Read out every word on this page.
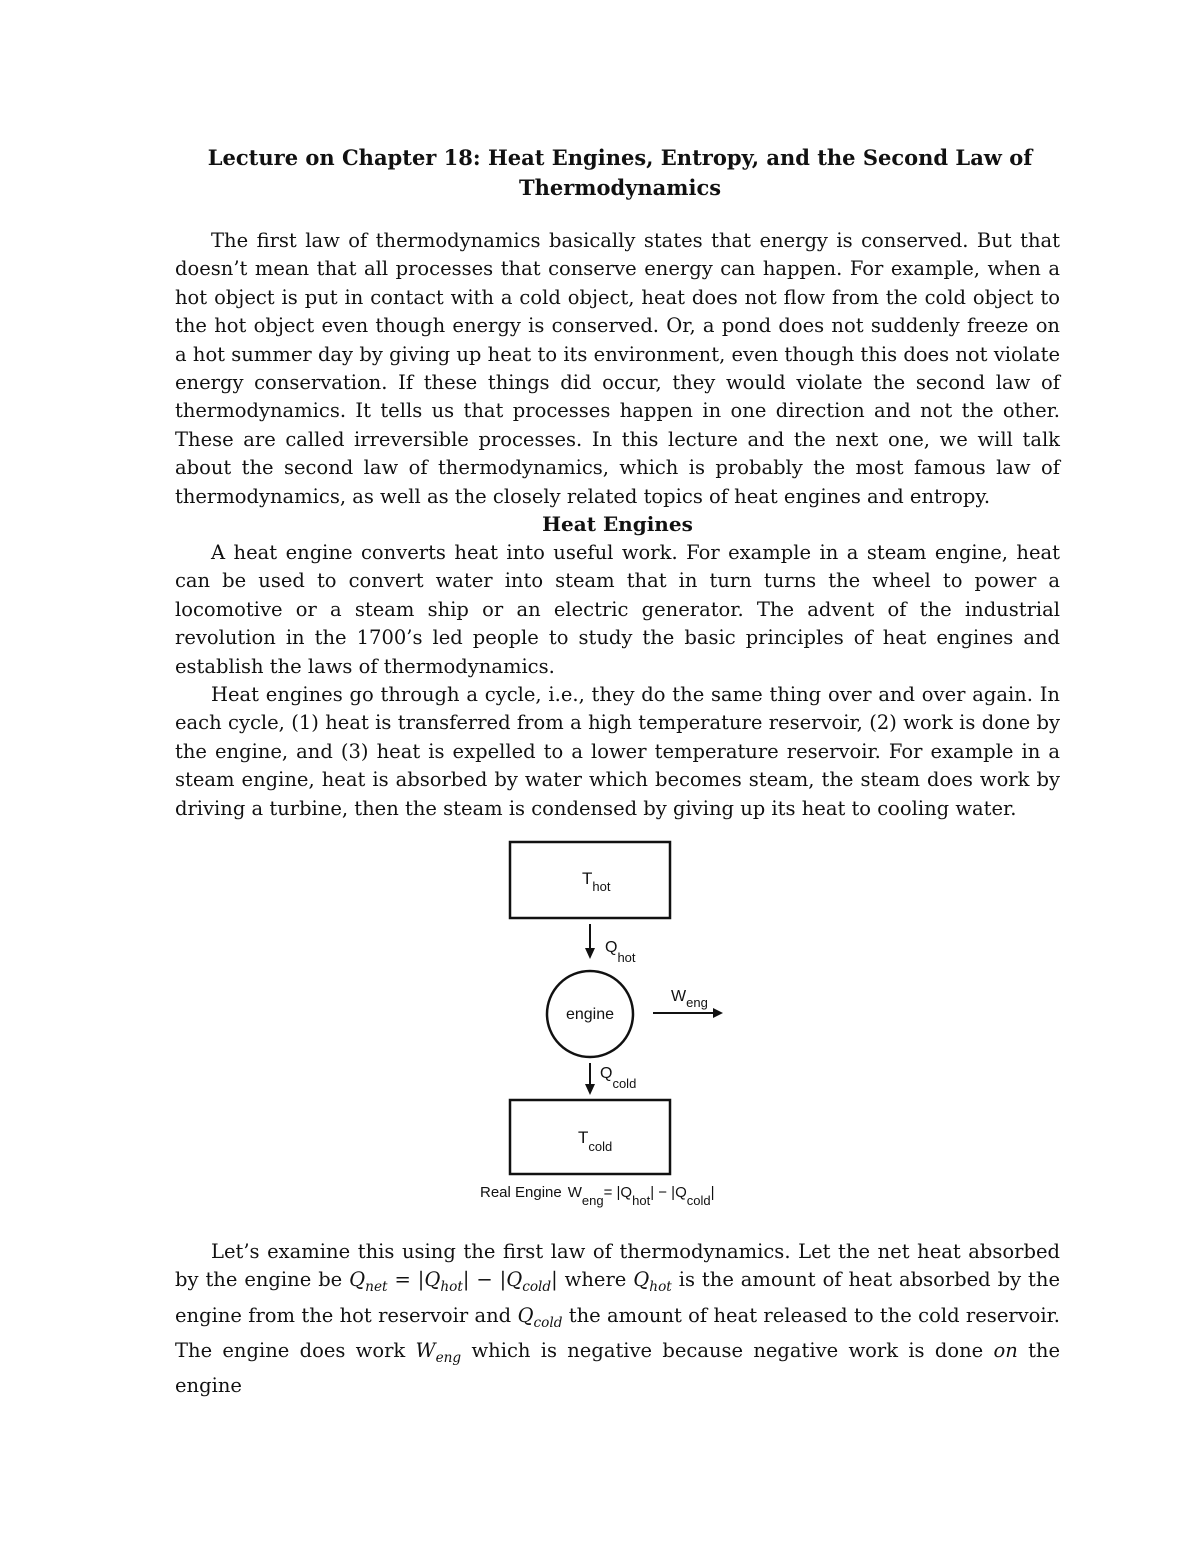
Lecture on Chapter 18: Heat Engines, Entropy, and the Second Law of
Thermodynamics

The first law of thermodynamics basically states that energy is conserved. But that doesn’t mean that all processes that conserve energy can happen. For example, when a hot object is put in contact with a cold object, heat does not flow from the cold object to the hot object even though energy is conserved. Or, a pond does not suddenly freeze on a hot summer day by giving up heat to its environment, even though this does not violate energy conservation. If these things did occur, they would violate the second law of thermodynamics. It tells us that processes happen in one direction and not the other. These are called irreversible processes. In this lecture and the next one, we will talk about the second law of thermodynamics, which is probably the most famous law of thermodynamics, as well as the closely related topics of heat engines and entropy.

Heat Engines

A heat engine converts heat into useful work. For example in a steam engine, heat can be used to convert water into steam that in turn turns the wheel to power a locomotive or a steam ship or an electric generator. The advent of the industrial revolution in the 1700’s led people to study the basic principles of heat engines and establish the laws of thermodynamics.

Heat engines go through a cycle, i.e., they do the same thing over and over again. In each cycle, (1) heat is transferred from a high temperature reservoir, (2) work is done by the engine, and (3) heat is expelled to a lower temperature reservoir. For example in a steam engine, heat is absorbed by water which becomes steam, the steam does work by driving a turbine, then the steam is condensed by giving up its heat to cooling water.

$T_{hot}$
$Q_{hot}$
engine
$W_{eng}$
$Q_{cold}$
$T_{cold}$
Real Engine Weng= |Qhot| − |Qcold|

Let’s examine this using the first law of thermodynamics. Let the net heat absorbed by the engine be $Q_{net} = |Q_{hot}| - |Q_{cold}|$ where $Q_{hot}$ is the amount of heat absorbed by the engine from the hot reservoir and $Q_{cold}$ the amount of heat released to the cold reservoir. The engine does work $W_{eng}$ which is negative because negative work is done on the engine
